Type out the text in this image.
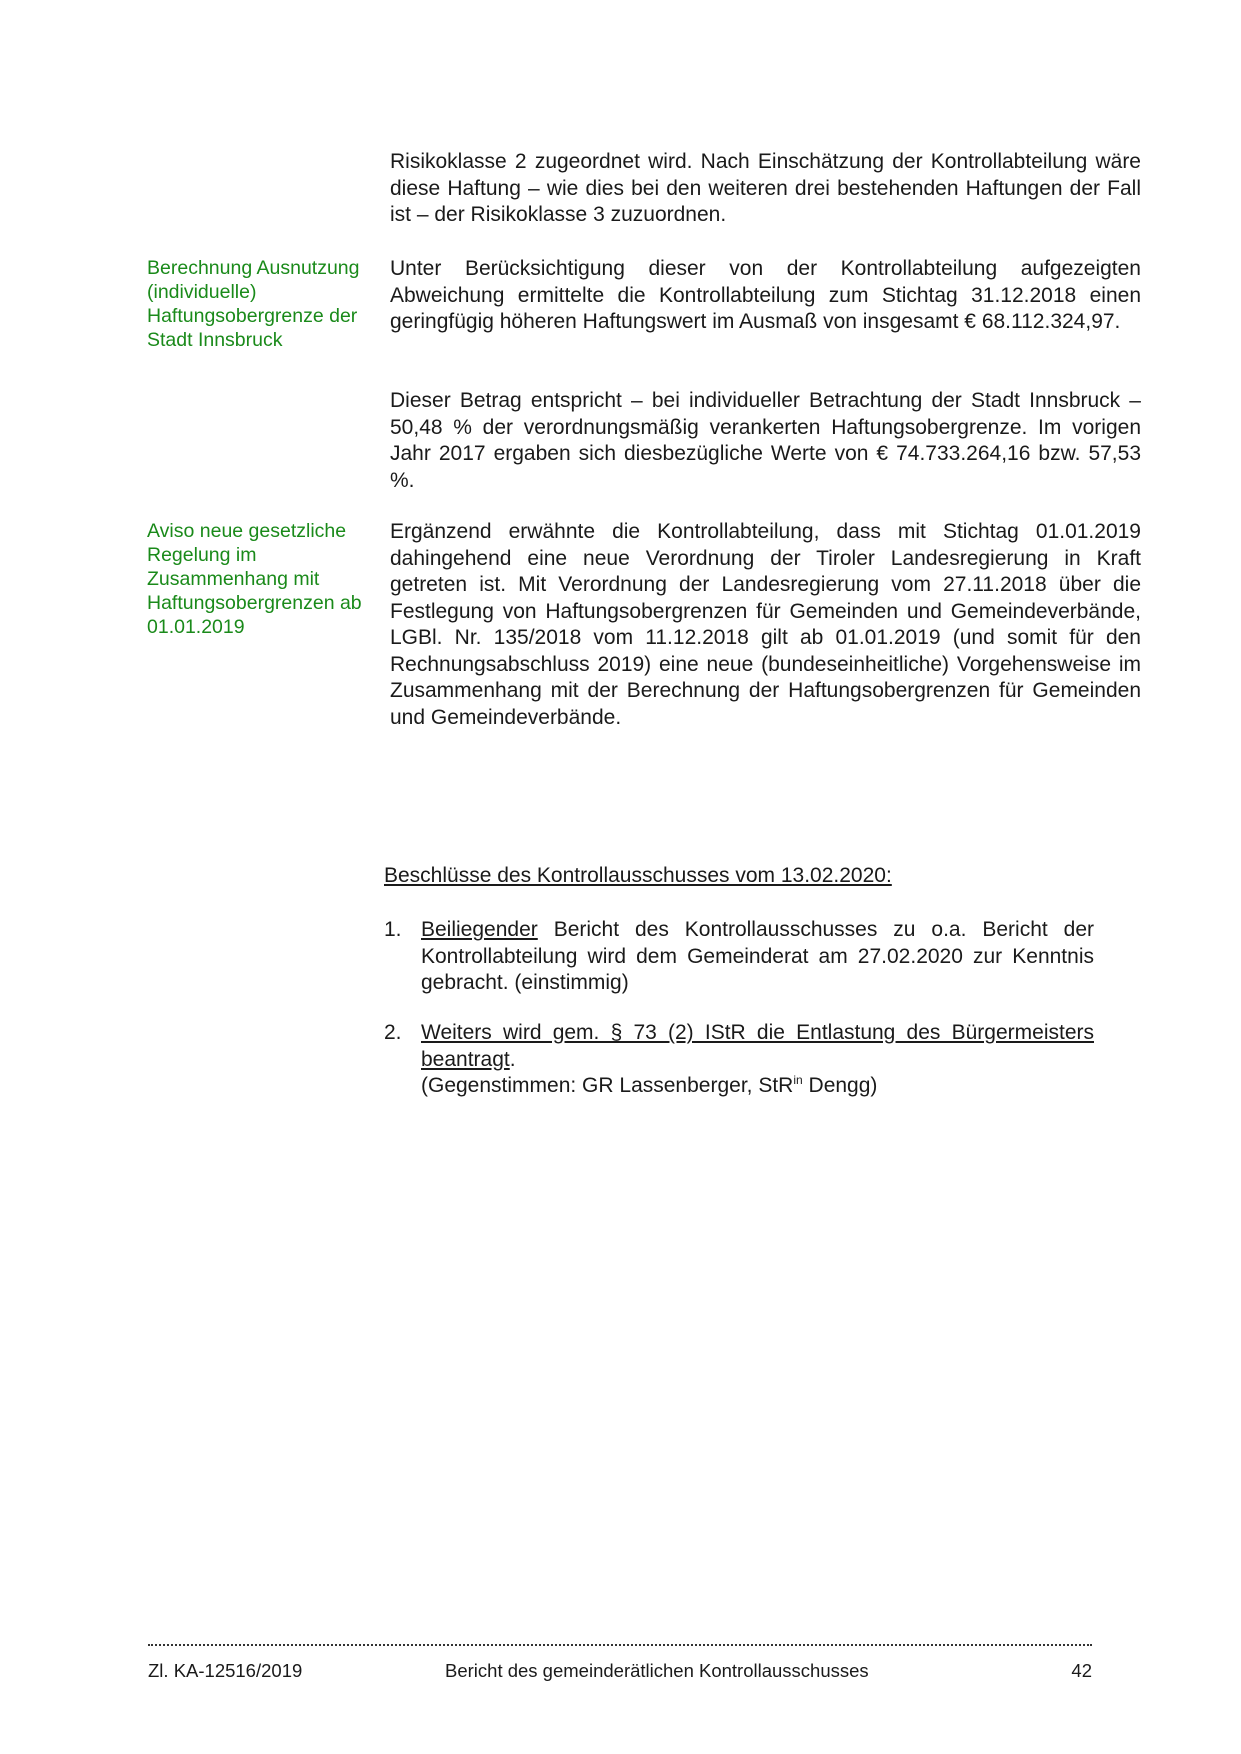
Risikoklasse 2 zugeordnet wird. Nach Einschätzung der Kontrollabteilung wäre diese Haftung – wie dies bei den weiteren drei bestehenden Haftungen der Fall ist – der Risikoklasse 3 zuzuordnen.

Berechnung Ausnutzung (individuelle) Haftungsobergrenze der Stadt Innsbruck

Unter Berücksichtigung dieser von der Kontrollabteilung aufgezeigten Abweichung ermittelte die Kontrollabteilung zum Stichtag 31.12.2018 einen geringfügig höheren Haftungswert im Ausmaß von insgesamt € 68.112.324,97.

Dieser Betrag entspricht – bei individueller Betrachtung der Stadt Innsbruck – 50,48 % der verordnungsmäßig verankerten Haftungsobergrenze. Im vorigen Jahr 2017 ergaben sich diesbezügliche Werte von € 74.733.264,16 bzw. 57,53 %.

Aviso neue gesetzliche Regelung im Zusammenhang mit Haftungsobergrenzen ab 01.01.2019

Ergänzend erwähnte die Kontrollabteilung, dass mit Stichtag 01.01.2019 dahingehend eine neue Verordnung der Tiroler Landesregierung in Kraft getreten ist. Mit Verordnung der Landesregierung vom 27.11.2018 über die Festlegung von Haftungsobergrenzen für Gemeinden und Gemeindeverbände, LGBl. Nr. 135/2018 vom 11.12.2018 gilt ab 01.01.2019 (und somit für den Rechnungsabschluss 2019) eine neue (bundeseinheitliche) Vorgehensweise im Zusammenhang mit der Berechnung der Haftungsobergrenzen für Gemeinden und Gemeindeverbände.

Beschlüsse des Kontrollausschusses vom 13.02.2020:

1. Beiliegender Bericht des Kontrollausschusses zu o.a. Bericht der Kontrollabteilung wird dem Gemeinderat am 27.02.2020 zur Kenntnis gebracht. (einstimmig)
2. Weiters wird gem. § 73 (2) IStR die Entlastung des Bürgermeisters beantragt.
(Gegenstimmen: GR Lassenberger, StR$^{in}$ Dengg)
Zl. KA-12516/2019	Bericht des gemeinderätlichen Kontrollausschusses	42
